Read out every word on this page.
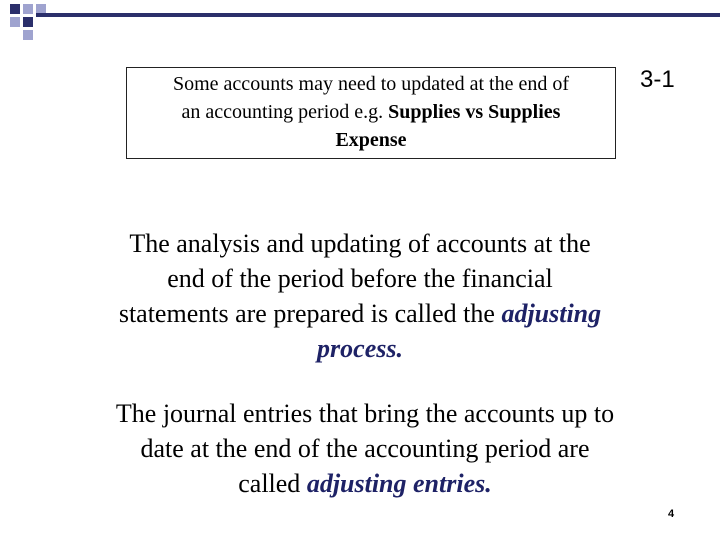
Some accounts may need to updated at the end of
an accounting period e.g. Supplies vs Supplies
Expense
3-1
The analysis and updating of accounts at the end of the period before the financial statements are prepared is called the adjusting process.
The journal entries that bring the accounts up to date at the end of the accounting period are called adjusting entries.
4
